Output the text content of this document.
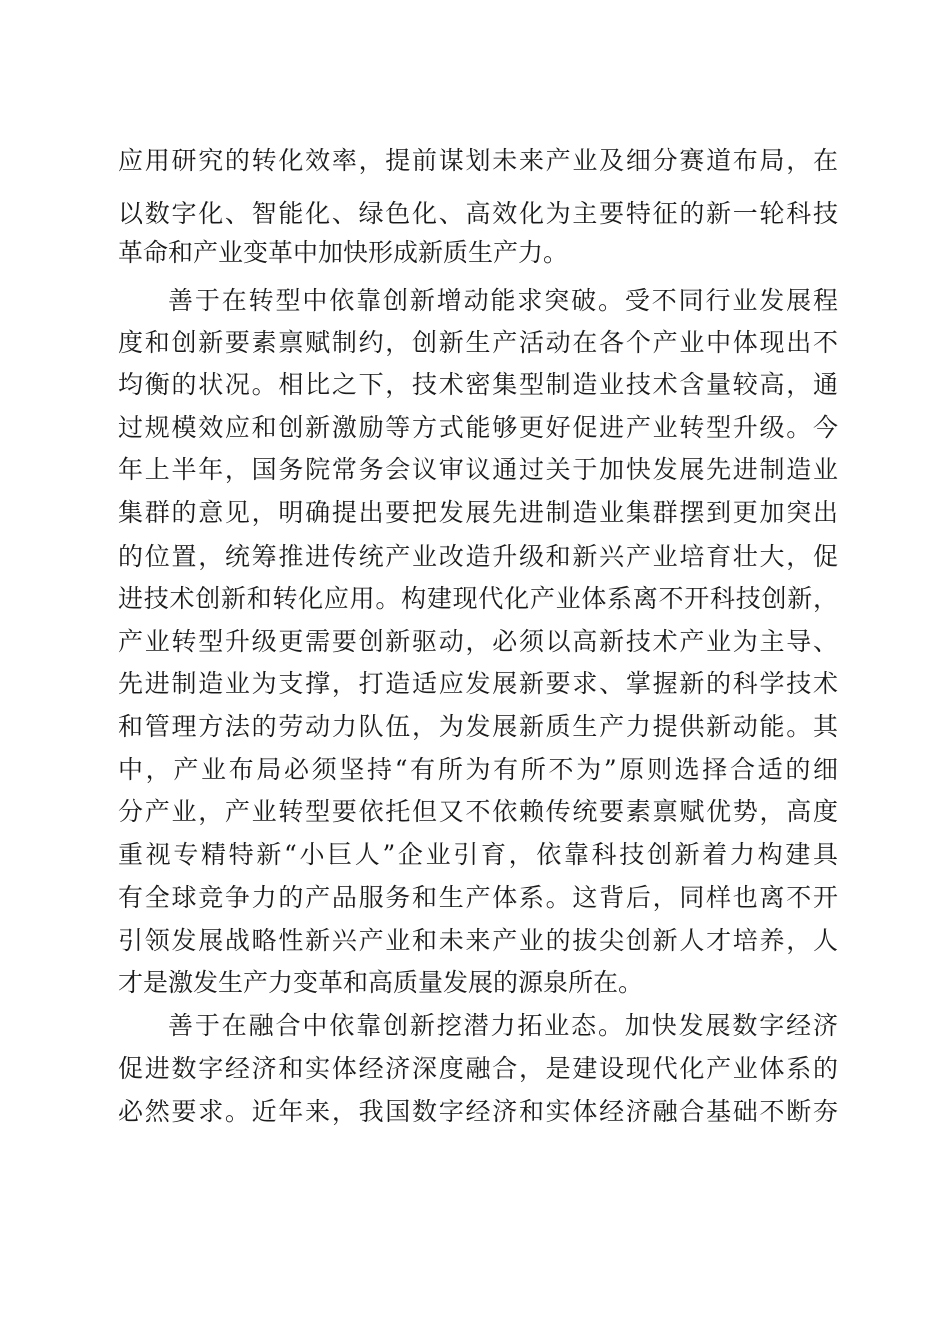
应用研究的转化效率，提前谋划未来产业及细分赛道布局，在
以数字化、智能化、绿色化、高效化为主要特征的新一轮科技
革命和产业变革中加快形成新质生产力。
善于在转型中依靠创新增动能求突破。受不同行业发展程
度和创新要素禀赋制约，创新生产活动在各个产业中体现出不
均衡的状况。相比之下，技术密集型制造业技术含量较高，通
过规模效应和创新激励等方式能够更好促进产业转型升级。今
年上半年，国务院常务会议审议通过关于加快发展先进制造业
集群的意见，明确提出要把发展先进制造业集群摆到更加突出
的位置，统筹推进传统产业改造升级和新兴产业培育壮大，促
进技术创新和转化应用。构建现代化产业体系离不开科技创新，
产业转型升级更需要创新驱动，必须以高新技术产业为主导、
先进制造业为支撑，打造适应发展新要求、掌握新的科学技术
和管理方法的劳动力队伍，为发展新质生产力提供新动能。其
中，产业布局必须坚持“有所为有所不为”原则选择合适的细
分产业，产业转型要依托但又不依赖传统要素禀赋优势，高度
重视专精特新“小巨人”企业引育，依靠科技创新着力构建具
有全球竞争力的产品服务和生产体系。这背后，同样也离不开
引领发展战略性新兴产业和未来产业的拔尖创新人才培养，人
才是激发生产力变革和高质量发展的源泉所在。
善于在融合中依靠创新挖潜力拓业态。加快发展数字经济
促进数字经济和实体经济深度融合，是建设现代化产业体系的
必然要求。近年来，我国数字经济和实体经济融合基础不断夯
